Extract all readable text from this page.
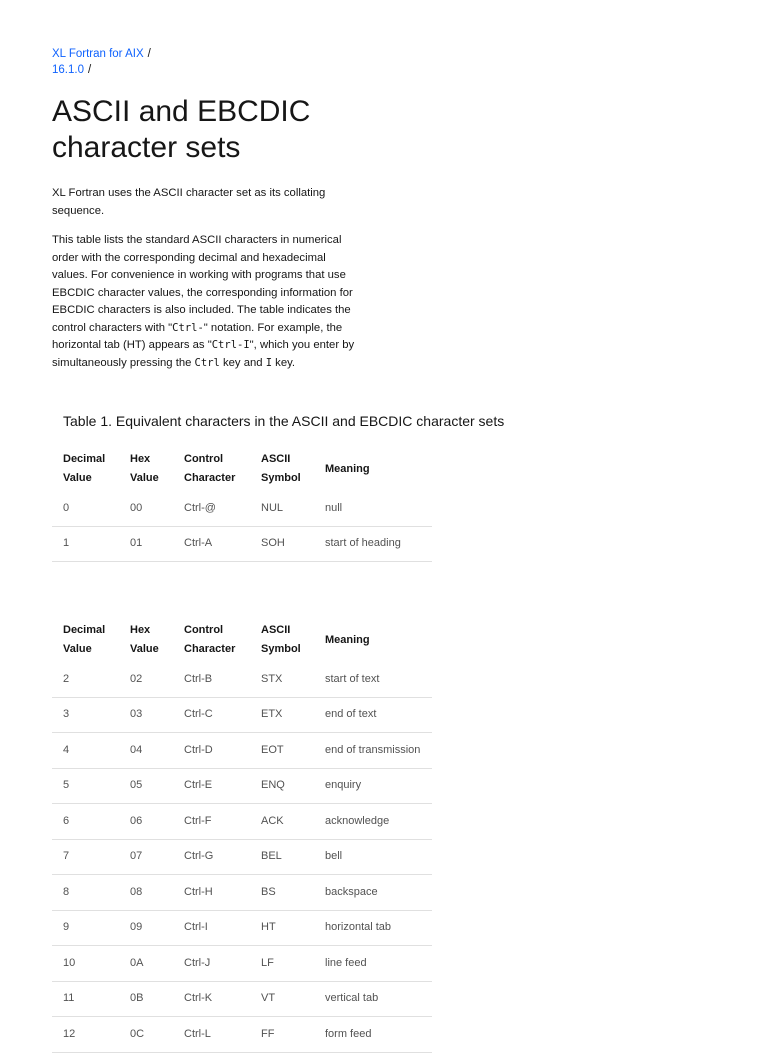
XL Fortran for AIX /
16.1.0 /
ASCII and EBCDIC character sets

XL Fortran uses the ASCII character set as its collating sequence.

This table lists the standard ASCII characters in numerical order with the corresponding decimal and hexadecimal values. For convenience in working with programs that use EBCDIC character values, the corresponding information for EBCDIC characters is also included. The table indicates the control characters with "Ctrl-" notation. For example, the horizontal tab (HT) appears as "Ctrl-I", which you enter by simultaneously pressing the Ctrl key and I key.

Table 1. Equivalent characters in the ASCII and EBCDIC character sets
Decimal Value	Hex Value	Control Character	ASCII Symbol	Meaning
0	00	Ctrl-@	NUL	null
1	01	Ctrl-A	SOH	start of heading
Decimal Value	Hex Value	Control Character	ASCII Symbol	Meaning
2	02	Ctrl-B	STX	start of text
3	03	Ctrl-C	ETX	end of text
4	04	Ctrl-D	EOT	end of transmission
5	05	Ctrl-E	ENQ	enquiry
6	06	Ctrl-F	ACK	acknowledge
7	07	Ctrl-G	BEL	bell
8	08	Ctrl-H	BS	backspace
9	09	Ctrl-I	HT	horizontal tab
10	0A	Ctrl-J	LF	line feed
11	0B	Ctrl-K	VT	vertical tab
12	0C	Ctrl-L	FF	form feed
